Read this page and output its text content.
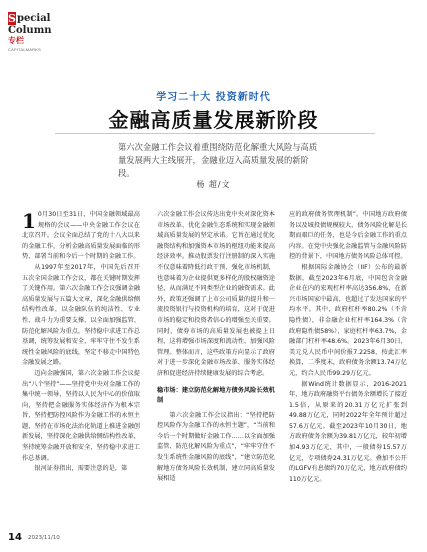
S pecial
Column
专栏
CAPITALMARKS
学习二十大 投资新时代
金融高质量发展新阶段
第六次金融工作会议着重围绕防范化解重大风险与高质量发展两大主线展开，金融业迈入高质量发展的新阶段。
杨 超/文

1 0月30日至31日，中国金融领域最高规格的会议——中央金融工作会议在北京召开。会议全面总结了党的十八大以来的金融工作，分析金融高质量发展面临的形势，部署当前和今后一个时期的金融工作。

从1997年至2017年，中国先后召开五次全国金融工作会议，都在关键时期发挥了关键作用。第六次金融工作会议强调金融高质量发展与五篇大文章，深化金融供给侧结构性改革，以金融队伍的纯洁性、专业性、战斗力为重要支撑，以全面加强监管、防范化解风险为重点，坚持稳中求进工作总基调，统筹发展和安全，牢牢守住不发生系统性金融风险的底线，坚定不移走中国特色金融发展之路。

迈向金融强国，第六次金融工作会议提出“八个坚持”——坚持党中央对金融工作的集中统一领导，坚持以人民为中心的价值取向，坚持把金融服务实体经济作为根本宗旨，坚持把防控风险作为金融工作的永恒主题，坚持在市场化法治化轨道上推进金融创新发展，坚持深化金融供给侧结构性改革，坚持统筹金融开放和安全，坚持稳中求进工作总基调。

银河证券指出，需要注意的是，第

六次金融工作会议传达出党中央对深化资本市场改革、优化金融生态系统和实现金融领域高质量发展的坚定承诺。它旨在通过优化融资结构和加强资本市场的枢纽功能来提高经济效率。推动股票发行注册制的深入实施不仅意味着降低行政干预、强化市场机制，也意味着为企业提供更多样化的股权融资途径，从而满足不同类型企业的融资需求。此外，政策还强调了上市公司质量的提升和一流投资银行与投资机构的培育，这对于促进市场的稳定和投资者信心的增强至关重要。同时，债券市场的高质量发展也被提上日程，这将增强市场深度和流动性，加强风险管理。整体而言，这些政策方向显示了政府对于进一步深化金融市场改革、服务实体经济和促进经济持续健康发展的综合考虑。

稳市场：建立防范化解地方债务风险长效机制

第六次金融工作会议指出：“坚持把防控风险作为金融工作的永恒主题”，“当前和今后一个时期做好金融工作……以全面加强监管、防范化解风险为重点”，“牢牢守住不发生系统性金融风险的底线”，“建立防范化解地方债务风险长效机制，建立同高质量发展相适

应的政府债务管理机制”。中国地方政府债务以及城投债规模较大，债务风险化解是长期而艰巨的任务，也是今后金融工作的重点内容。在党中央强化金融监管与金融风险防控的背景下，中国地方债务风险总体可控。

根据国际金融协会（IIF）公布的最新数据，截至2023年6月底，中国包含金融企业在内的宏观杠杆率高达356.8%，在新兴市场国家中最高，也超过了发达国家的平均水平。其中，政府杠杆率80.2%（不含隐性债），非金融企业杠杆率164.3%（含政府隐性债58%），家庭杠杆率63.7%，金融部门杠杆率48.6%。2023年6月30日，美元兑人民币中间价报7.2258，按此汇率换算，二季度末，政府债务余额13.74万亿元，约合人民币99.29万亿元。

据Wind统计数据显示，2016-2021年，地方政府融资平台债务余额增长了接近1.5倍，从原来的20.31万亿元扩张到49.88万亿元，同时2022年全年预计超过57.6万亿元。截至2023年10月30日，地方政府债务余额为39.81万亿元，较年初增加4.93万亿元，其中，一般债券15.57万亿元，专项债券24.31万亿元。叠加不公开的LGFV有息债约70万亿元，地方政府债约110万亿元。

14 2023/11/10
